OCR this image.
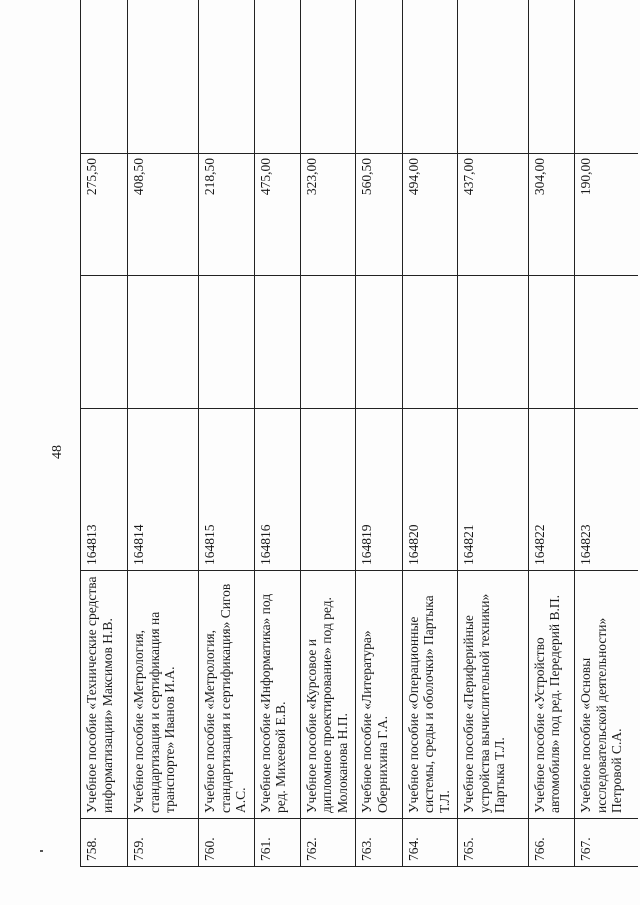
48
758.	Учебное пособие «Технические средства информатизации» Максимов Н.В.	164813		275,50	
759.	Учебное пособие «Метрология, стандартизация и сертификация на транспорте» Иванов И.А.	164814		408,50	
760.	Учебное пособие «Метрология, стандартизация и сертификация» Сигов А.С.	164815		218,50	
761.	Учебное пособие «Информатика» под ред. Михеевой Е.В.	164816		475,00	
762.	Учебное пособие «Курсовое и дипломное проектирование» под ред. Молоканова Н.П.			323,00	
763.	Учебное пособие «Литература» Обернихина Г.А.	164819		560,50	
764.	Учебное пособие «Операционные системы, среды и оболочки» Партыка Т.Л.	164820		494,00	
765.	Учебное пособие «Периферийные устройства вычислительной техники» Партыка Т.Л.	164821		437,00	
766.	Учебное пособие «Устройство автомобиля» под ред. Передерий В.П.	164822		304,00	
767.	Учебное пособие «Основы исследовательской деятельности» Петровой С.А.	164823		190,00	
